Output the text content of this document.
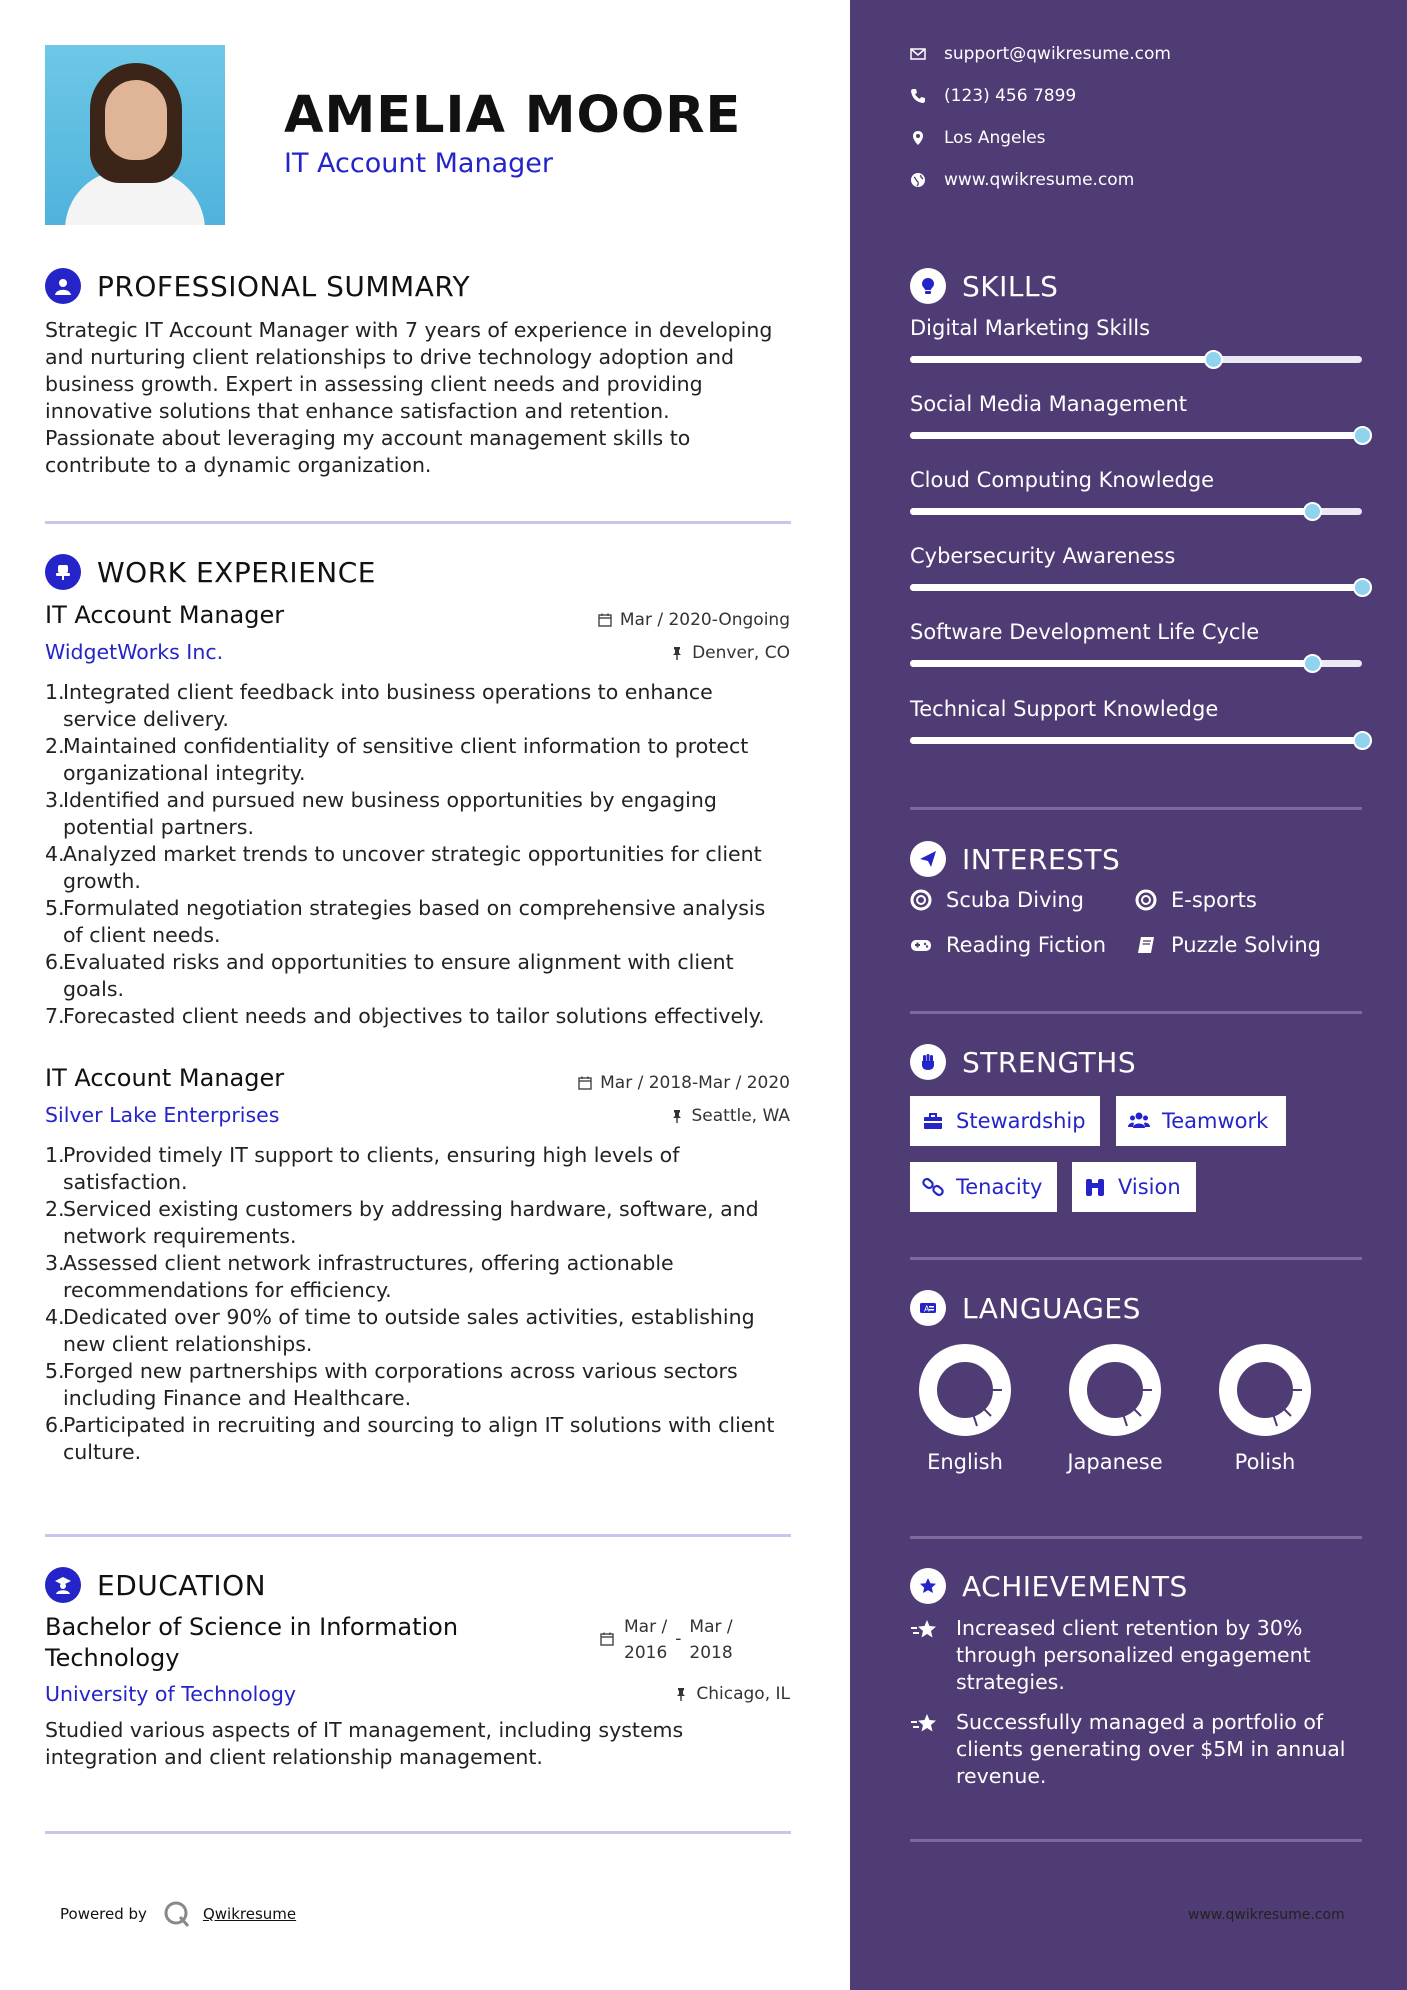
AMELIA MOORE
IT Account Manager
PROFESSIONAL SUMMARY
Strategic IT Account Manager with 7 years of experience in developing
and nurturing client relationships to drive technology adoption and
business growth. Expert in assessing client needs and providing
innovative solutions that enhance satisfaction and retention.
Passionate about leveraging my account management skills to
contribute to a dynamic organization.
WORK EXPERIENCE
IT Account Manager	Mar / 2020-Ongoing
WidgetWorks Inc.	Denver, CO
1.
Integrated client feedback into business operations to enhance
service delivery.
2.
Maintained confidentiality of sensitive client information to protect
organizational integrity.
3.
Identified and pursued new business opportunities by engaging
potential partners.
4.
Analyzed market trends to uncover strategic opportunities for client
growth.
5.
Formulated negotiation strategies based on comprehensive analysis
of client needs.
6.
Evaluated risks and opportunities to ensure alignment with client
goals.
7.
Forecasted client needs and objectives to tailor solutions effectively.
IT Account Manager	Mar / 2018-Mar / 2020
Silver Lake Enterprises	Seattle, WA
1.
Provided timely IT support to clients, ensuring high levels of
satisfaction.
2.
Serviced existing customers by addressing hardware, software, and
network requirements.
3.
Assessed client network infrastructures, offering actionable
recommendations for efficiency.
4.
Dedicated over 90% of time to outside sales activities, establishing
new client relationships.
5.
Forged new partnerships with corporations across various sectors
including Finance and Healthcare.
6.
Participated in recruiting and sourcing to align IT solutions with client
culture.
EDUCATION
Bachelor of Science in Information
Technology
Mar /
2016
-
Mar /
2018
University of Technology	Chicago, IL
Studied various aspects of IT management, including systems
integration and client relationship management.
Powered by	Qwikresume
support@qwikresume.com
(123) 456 7899
Los Angeles
www.qwikresume.com
SKILLS
Digital Marketing Skills
Social Media Management
Cloud Computing Knowledge
Cybersecurity Awareness
Software Development Life Cycle
Technical Support Knowledge
INTERESTS
Scuba Diving	E-sports
Reading Fiction	Puzzle Solving
STRENGTHS
Stewardship	Teamwork
Tenacity	Vision
A LANGUAGES
English	Japanese	Polish
ACHIEVEMENTS
Increased client retention by 30%
through personalized engagement
strategies.
Successfully managed a portfolio of
clients generating over $5M in annual
revenue.
www.qwikresume.com
